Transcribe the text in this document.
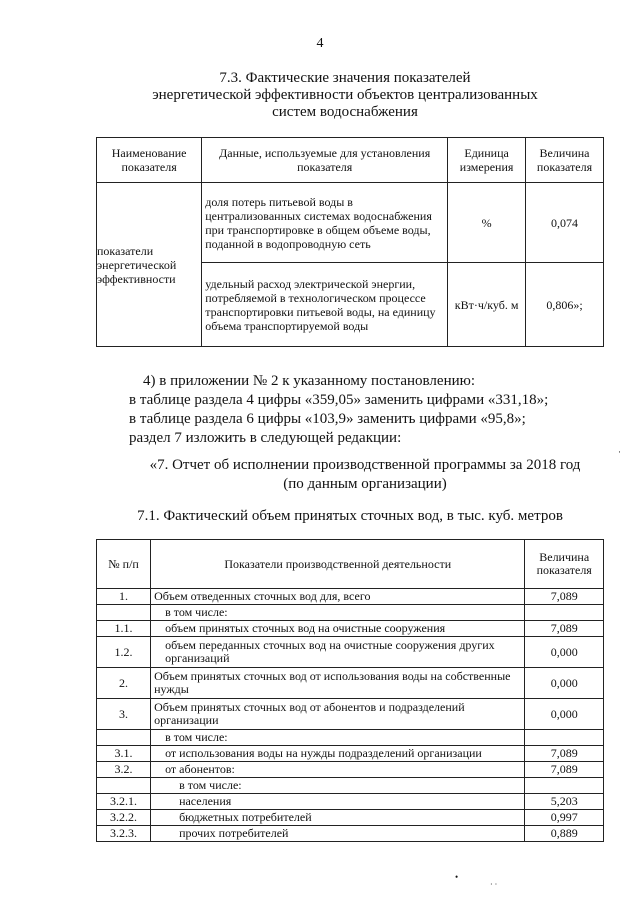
4
7.3. Фактические значения показателей
энергетической эффективности объектов централизованных
систем водоснабжения
Наименование показателя	Данные, используемые для установления показателя	Единица измерения	Величина показателя
показатели энергетической эффективности	доля потерь питьевой воды в централизованных системах водоснабжения при транспортировке в общем объеме воды, поданной в водопроводную сеть	%	0,074
	удельный расход электрической энергии, потребляемой в технологическом процессе транспортировки питьевой воды, на единицу объема транспортируемой воды	кВт·ч/куб. м	0,806»;
4) в приложении № 2 к указанному постановлению:
в таблице раздела 4 цифры «359,05» заменить цифрами «331,18»;
в таблице раздела 6 цифры «103,9» заменить цифрами «95,8»;
раздел 7 изложить в следующей редакции:
«7. Отчет об исполнении производственной программы за 2018 год
(по данным организации)
7.1. Фактический объем принятых сточных вод, в тыс. куб. метров
№ п/п	Показатели производственной деятельности	Величина показателя
1.	Объем отведенных сточных вод для, всего	7,089
	в том числе:	
1.1.	объем принятых сточных вод на очистные сооружения	7,089
1.2.	объем переданных сточных вод на очистные сооружения других организаций	0,000
2.	Объем принятых сточных вод от использования воды на собственные нужды	0,000
3.	Объем принятых сточных вод от абонентов и подразделений организации	0,000
	в том числе:	
3.1.	от использования воды на нужды подразделений организации	7,089
3.2.	от абонентов:	7,089
	в том числе:	
3.2.1.	населения	5,203
3.2.2.	бюджетных потребителей	0,997
3.2.3.	прочих потребителей	0,889
•
· ·
·
